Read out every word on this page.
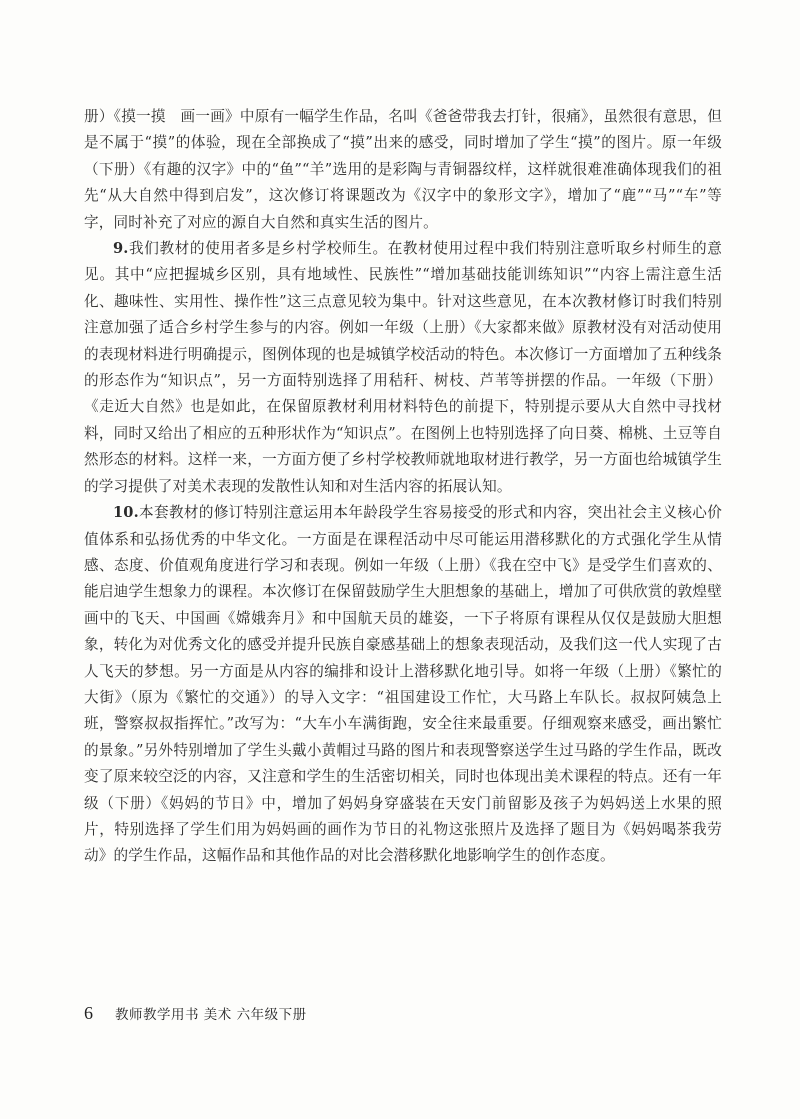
册）《摸一摸　画一画》中原有一幅学生作品，名叫《爸爸带我去打针，很痛》，虽然很有意思，但是不属于“摸”的体验，现在全部换成了“摸”出来的感受，同时增加了学生“摸”的图片。原一年级（下册）《有趣的汉字》中的“鱼”“羊”选用的是彩陶与青铜器纹样，这样就很难准确体现我们的祖先“从大自然中得到启发”，这次修订将课题改为《汉字中的象形文字》，增加了“鹿”“马”“车”等字，同时补充了对应的源自大自然和真实生活的图片。

9.我们教材的使用者多是乡村学校师生。在教材使用过程中我们特别注意听取乡村师生的意见。其中“应把握城乡区别，具有地域性、民族性”“增加基础技能训练知识”“内容上需注意生活化、趣味性、实用性、操作性”这三点意见较为集中。针对这些意见，在本次教材修订时我们特别注意加强了适合乡村学生参与的内容。例如一年级（上册）《大家都来做》原教材没有对活动使用的表现材料进行明确提示，图例体现的也是城镇学校活动的特色。本次修订一方面增加了五种线条的形态作为“知识点”，另一方面特别选择了用秸秆、树枝、芦苇等拼摆的作品。一年级（下册）《走近大自然》也是如此，在保留原教材利用材料特色的前提下，特别提示要从大自然中寻找材料，同时又给出了相应的五种形状作为“知识点”。在图例上也特别选择了向日葵、棉桃、土豆等自然形态的材料。这样一来，一方面方便了乡村学校教师就地取材进行教学，另一方面也给城镇学生的学习提供了对美术表现的发散性认知和对生活内容的拓展认知。

10.本套教材的修订特别注意运用本年龄段学生容易接受的形式和内容，突出社会主义核心价值体系和弘扬优秀的中华文化。一方面是在课程活动中尽可能运用潜移默化的方式强化学生从情感、态度、价值观角度进行学习和表现。例如一年级（上册）《我在空中飞》是受学生们喜欢的、能启迪学生想象力的课程。本次修订在保留鼓励学生大胆想象的基础上，增加了可供欣赏的敦煌壁画中的飞天、中国画《嫦娥奔月》和中国航天员的雄姿，一下子将原有课程从仅仅是鼓励大胆想象，转化为对优秀文化的感受并提升民族自豪感基础上的想象表现活动，及我们这一代人实现了古人飞天的梦想。另一方面是从内容的编排和设计上潜移默化地引导。如将一年级（上册）《繁忙的大街》（原为《繁忙的交通》）的导入文字：“祖国建设工作忙，大马路上车队长。叔叔阿姨急上班，警察叔叔指挥忙。”改写为：“大车小车满街跑，安全往来最重要。仔细观察来感受，画出繁忙的景象。”另外特别增加了学生头戴小黄帽过马路的图片和表现警察送学生过马路的学生作品，既改变了原来较空泛的内容，又注意和学生的生活密切相关，同时也体现出美术课程的特点。还有一年级（下册）《妈妈的节日》中，增加了妈妈身穿盛装在天安门前留影及孩子为妈妈送上水果的照片，特别选择了学生们用为妈妈画的画作为节日的礼物这张照片及选择了题目为《妈妈喝茶我劳动》的学生作品，这幅作品和其他作品的对比会潜移默化地影响学生的创作态度。

6 教师教学用书 美术 六年级下册
